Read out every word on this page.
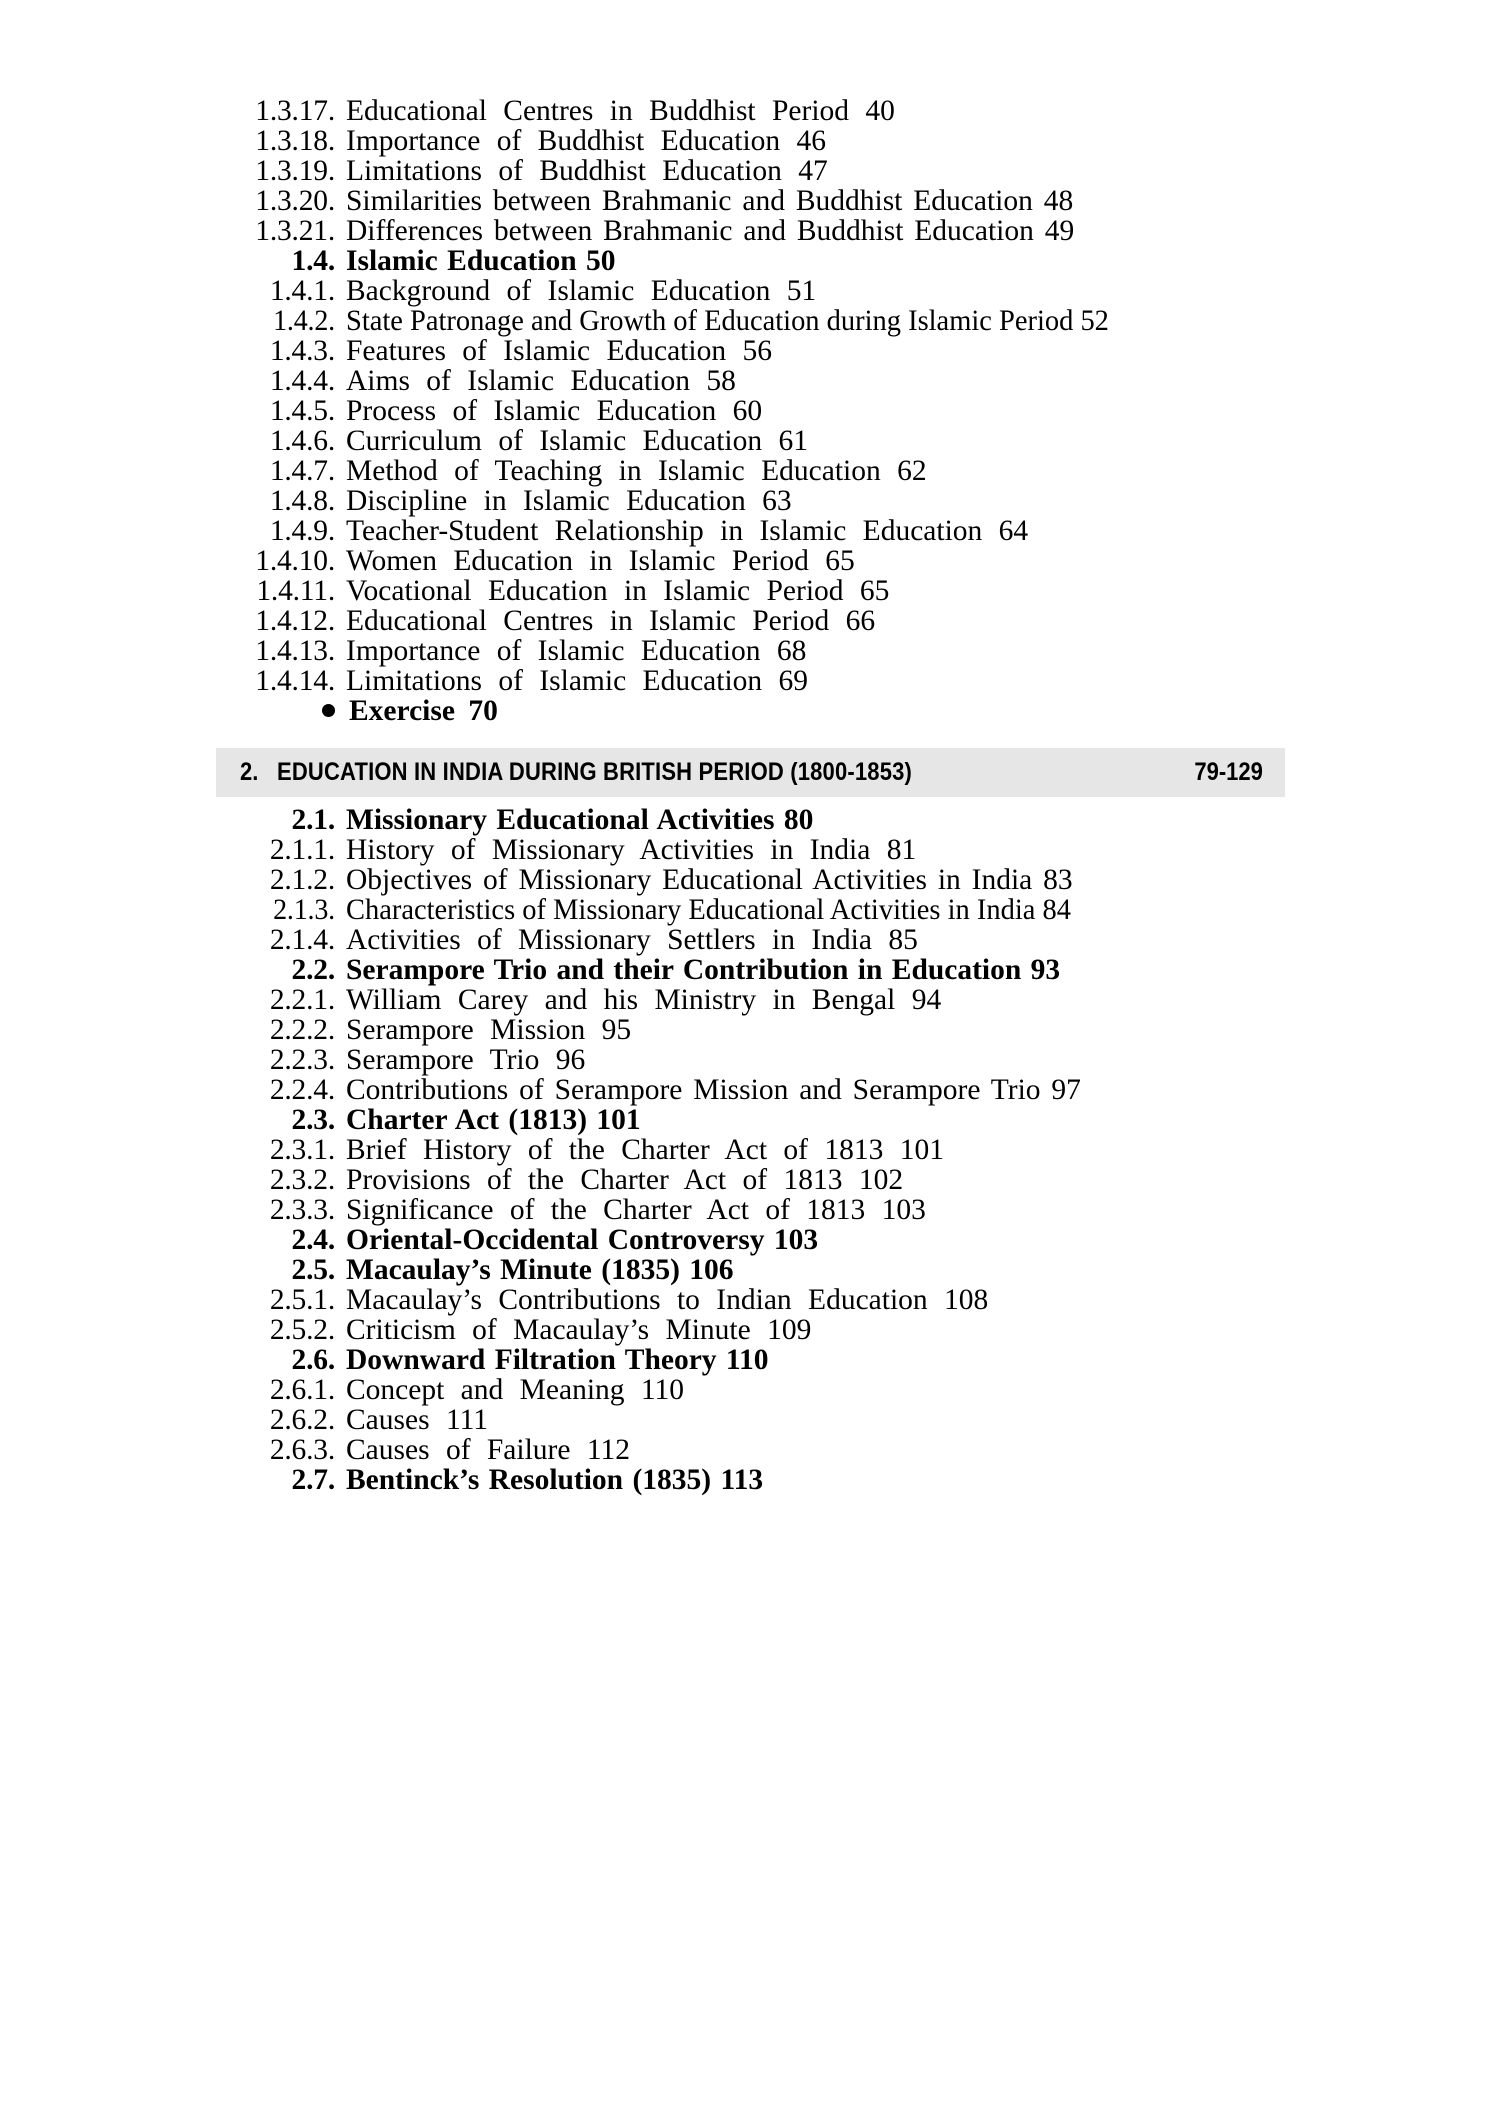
1.3.17. Educational Centres in Buddhist Period 40
1.3.18. Importance of Buddhist Education 46
1.3.19. Limitations of Buddhist Education 47
1.3.20. Similarities between Brahmanic and Buddhist Education 48
1.3.21. Differences between Brahmanic and Buddhist Education 49
1.4. Islamic Education 50
1.4.1. Background of Islamic Education 51
1.4.2. State Patronage and Growth of Education during Islamic Period 52
1.4.3. Features of Islamic Education 56
1.4.4. Aims of Islamic Education 58
1.4.5. Process of Islamic Education 60
1.4.6. Curriculum of Islamic Education 61
1.4.7. Method of Teaching in Islamic Education 62
1.4.8. Discipline in Islamic Education 63
1.4.9. Teacher-Student Relationship in Islamic Education 64
1.4.10. Women Education in Islamic Period 65
1.4.11. Vocational Education in Islamic Period 65
1.4.12. Educational Centres in Islamic Period 66
1.4.13. Importance of Islamic Education 68
1.4.14. Limitations of Islamic Education 69
Exercise 70
2. EDUCATION IN INDIA DURING BRITISH PERIOD (1800-1853)	79-129
2.1. Missionary Educational Activities 80
2.1.1. History of Missionary Activities in India 81
2.1.2. Objectives of Missionary Educational Activities in India 83
2.1.3. Characteristics of Missionary Educational Activities in India 84
2.1.4. Activities of Missionary Settlers in India 85
2.2. Serampore Trio and their Contribution in Education 93
2.2.1. William Carey and his Ministry in Bengal 94
2.2.2. Serampore Mission 95
2.2.3. Serampore Trio 96
2.2.4. Contributions of Serampore Mission and Serampore Trio 97
2.3. Charter Act (1813) 101
2.3.1. Brief History of the Charter Act of 1813 101
2.3.2. Provisions of the Charter Act of 1813 102
2.3.3. Significance of the Charter Act of 1813 103
2.4. Oriental-Occidental Controversy 103
2.5. Macaulay’s Minute (1835) 106
2.5.1. Macaulay’s Contributions to Indian Education 108
2.5.2. Criticism of Macaulay’s Minute 109
2.6. Downward Filtration Theory 110
2.6.1. Concept and Meaning 110
2.6.2. Causes 111
2.6.3. Causes of Failure 112
2.7. Bentinck’s Resolution (1835) 113
